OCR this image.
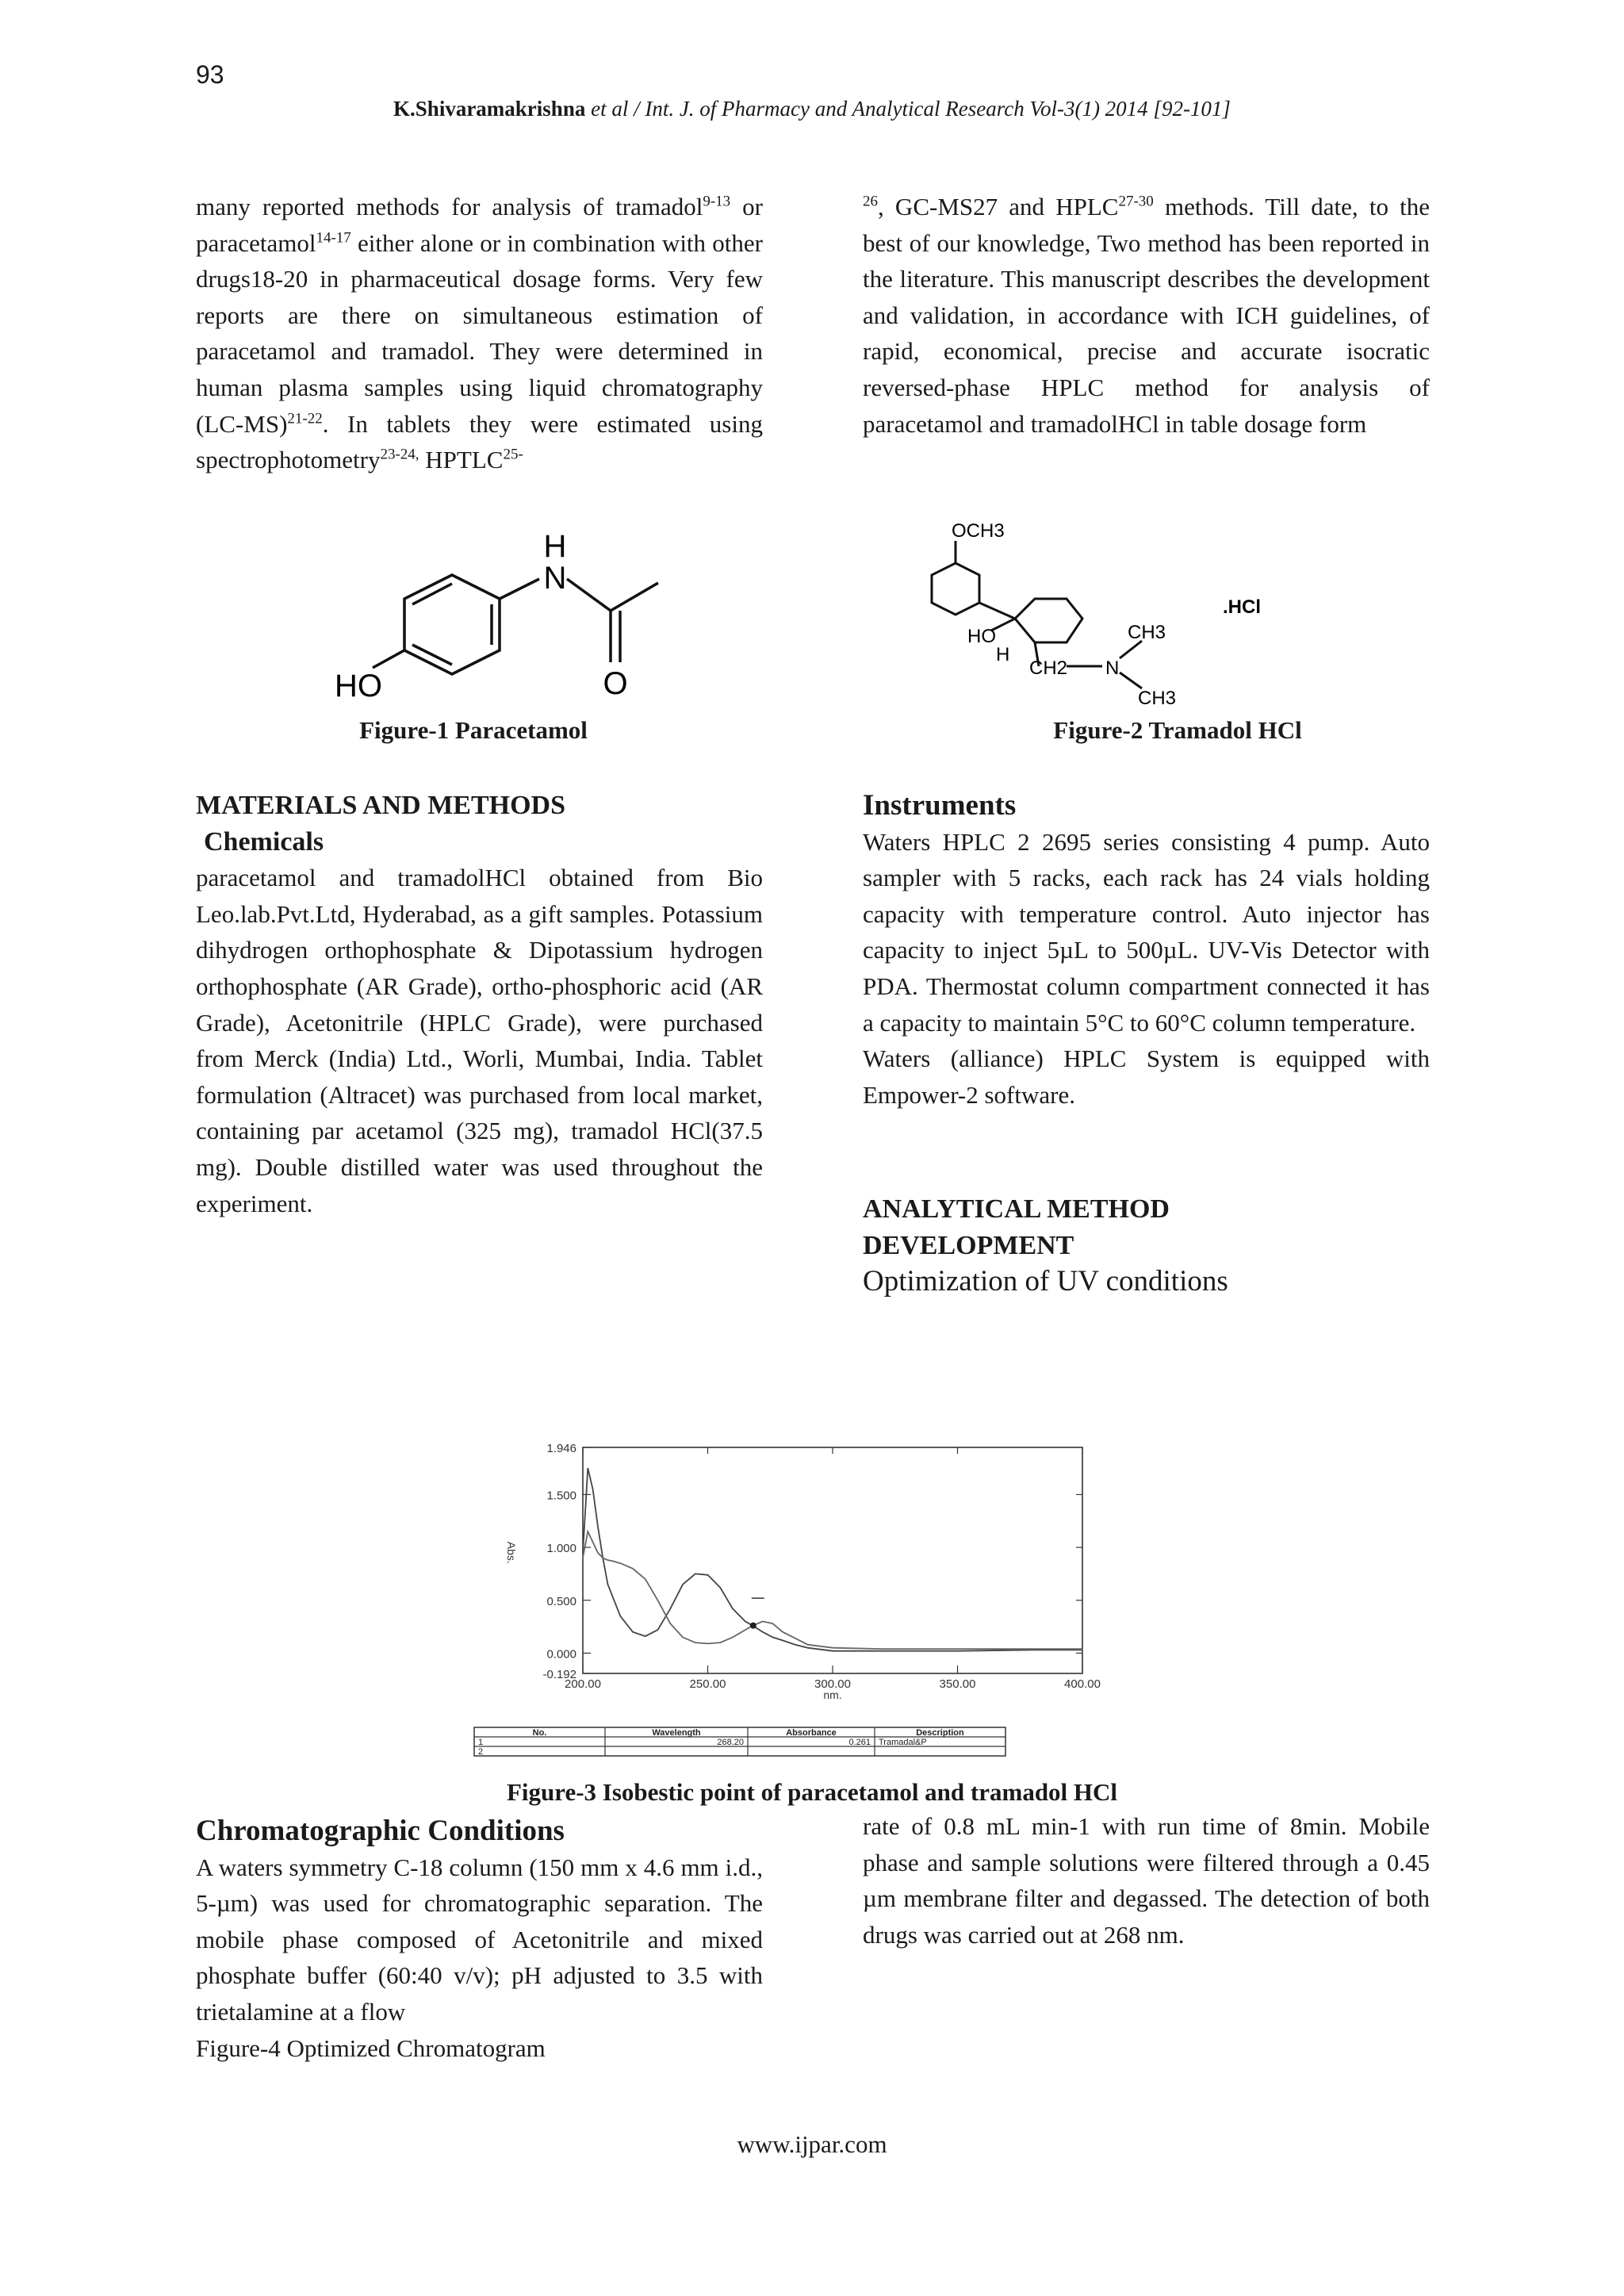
93
K.Shivaramakrishna et al / Int. J. of Pharmacy and Analytical Research Vol-3(1) 2014 [92-101]

many reported methods for analysis of tramadol$^{9-13}$ or paracetamol$^{14-17}$ either alone or in combination with other drugs18-20 in pharmaceutical dosage forms. Very few reports are there on simultaneous estimation of paracetamol and tramadol. They were determined in human plasma samples using liquid chromatography $(LC-MS)^{21-22}$. In tablets they were estimated using spectrophotometry$^{23-24,}$ $HPTLC^{25-}$

$^{26}$, GC-MS27 and HPLC$^{27-30}$ methods. Till date, to the best of our knowledge, Two method has been reported in the literature. This manuscript describes the development and validation, in accordance with ICH guidelines, of rapid, economical, precise and accurate isocratic reversed-phase HPLC method for analysis of paracetamol and tramadolHCl in table dosage form

H
N
HO	O
Figure-1 Paracetamol
OCH3
HO
H
CH2 N
CH3
CH3
.HCl
Figure-2 Tramadol HCl
MATERIALS AND METHODS
Chemicals

paracetamol and tramadolHCl obtained from Bio Leo.lab.Pvt.Ltd, Hyderabad, as a gift samples. Potassium dihydrogen orthophosphate & Dipotassium hydrogen orthophosphate (AR Grade), ortho-phosphoric acid (AR Grade), Acetonitrile (HPLC Grade), were purchased from Merck (India) Ltd., Worli, Mumbai, India. Tablet formulation (Altracet) was purchased from local market, containing par acetamol (325 mg), tramadol HCl(37.5 mg). Double distilled water was used throughout the experiment.

Instruments

Waters HPLC 2 2695 series consisting 4 pump. Auto sampler with 5 racks, each rack has 24 vials holding capacity with temperature control. Auto injector has capacity to inject 5µL to 500µL. UV-Vis Detector with PDA. Thermostat column compartment connected it has a capacity to maintain 5°C to 60°C column temperature.

Waters (alliance) HPLC System is equipped with Empower-2 software.

ANALYTICAL METHOD
DEVELOPMENT
Optimization of UV conditions
1.946
1.500
1.000
0.500
0.000
-0.192
200.00	250.00	300.00	350.00	400.00
nm.
Abs.
No.	Wavelength	Absorbance	Description
1	268.20	0.261 Tramadal&P
2
Figure-3 Isobestic point of paracetamol and tramadol HCl
Chromatographic Conditions

A waters symmetry C-18 column (150 mm x 4.6 mm i.d., 5-µm) was used for chromatographic separation. The mobile phase composed of Acetonitrile and mixed phosphate buffer (60:40 v/v); pH adjusted to 3.5 with trietalamine at a flow

Figure-4 Optimized Chromatogram

rate of 0.8 mL min-1 with run time of 8min. Mobile phase and sample solutions were filtered through a 0.45 µm membrane filter and degassed. The detection of both drugs was carried out at 268 nm.

www.ijpar.com
